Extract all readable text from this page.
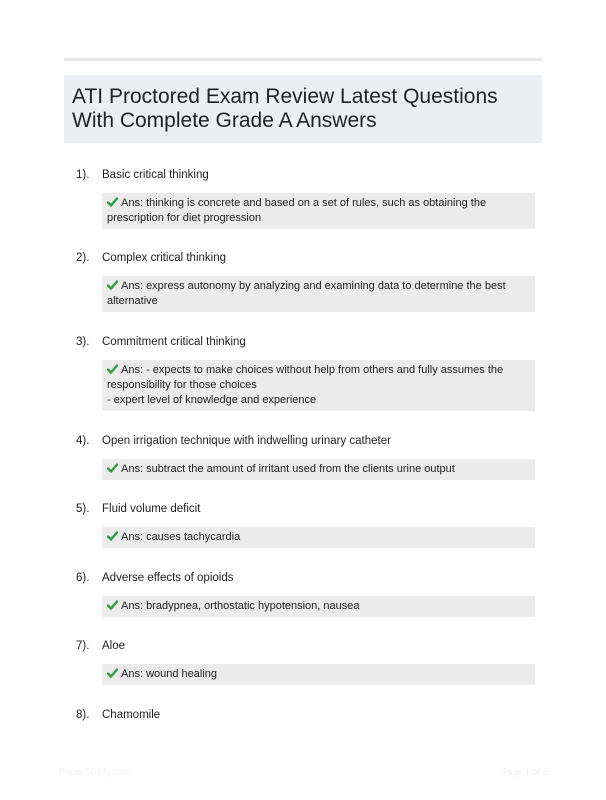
ATI Proctored Exam Review Latest Questions
With Complete Grade A Answers
1). Basic critical thinking
Ans: thinking is concrete and based on a set of rules, such as obtaining the
prescription for diet progression
2). Complex critical thinking
Ans: express autonomy by analyzing and examining data to determine the best
alternative
3). Commitment critical thinking
Ans: - expects to make choices without help from others and fully assumes the
responsibility for those choices
- expert level of knowledge and experience
4). Open irrigation technique with indwelling urinary catheter
Ans: subtract the amount of irritant used from the clients urine output
5). Fluid volume deficit
Ans: causes tachycardia
6). Adverse effects of opioids
Ans: bradypnea, orthostatic hypotension, nausea
7). Aloe
Ans: wound healing
8). Chamomile
PaperStudy.com	Page 1 of 8
